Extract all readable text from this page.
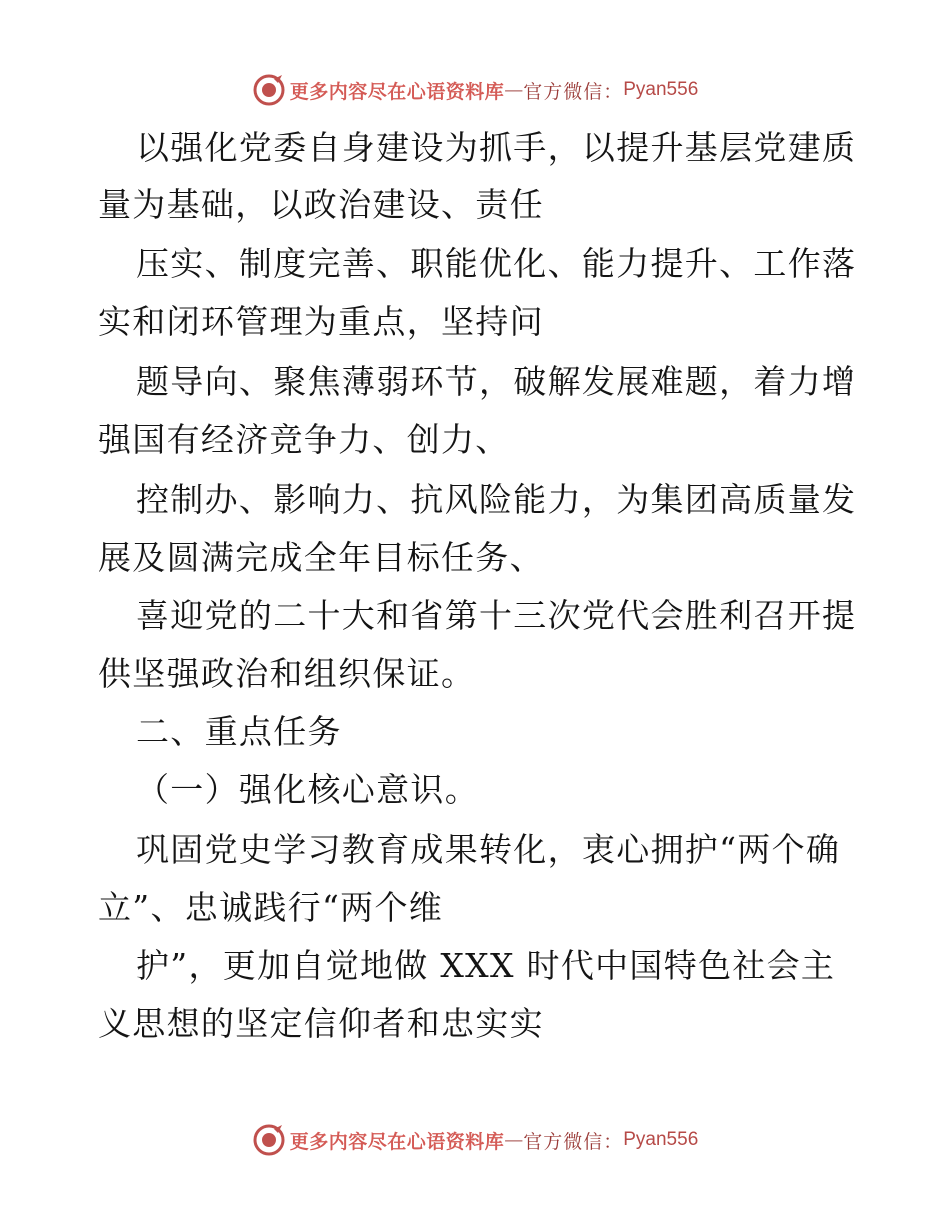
更多内容尽在心语资料库 — 官方微信： Pyan556
以强化党委自身建设为抓手，以提升基层党建质
量为基础，以政治建设、责任
压实、制度完善、职能优化、能力提升、工作落
实和闭环管理为重点，坚持问
题导向、聚焦薄弱环节，破解发展难题，着力增
强国有经济竞争力、创力、
控制办、影响力、抗风险能力，为集团高质量发
展及圆满完成全年目标任务、
喜迎党的二十大和省第十三次党代会胜利召开提
供坚强政治和组织保证。
二、重点任务
（一）强化核心意识。
巩固党史学习教育成果转化，衷心拥护“两个确
立”、忠诚践行“两个维
护”，更加自觉地做 XXX 时代中国特色社会主
义思想的坚定信仰者和忠实实
更多内容尽在心语资料库 — 官方微信： Pyan556
